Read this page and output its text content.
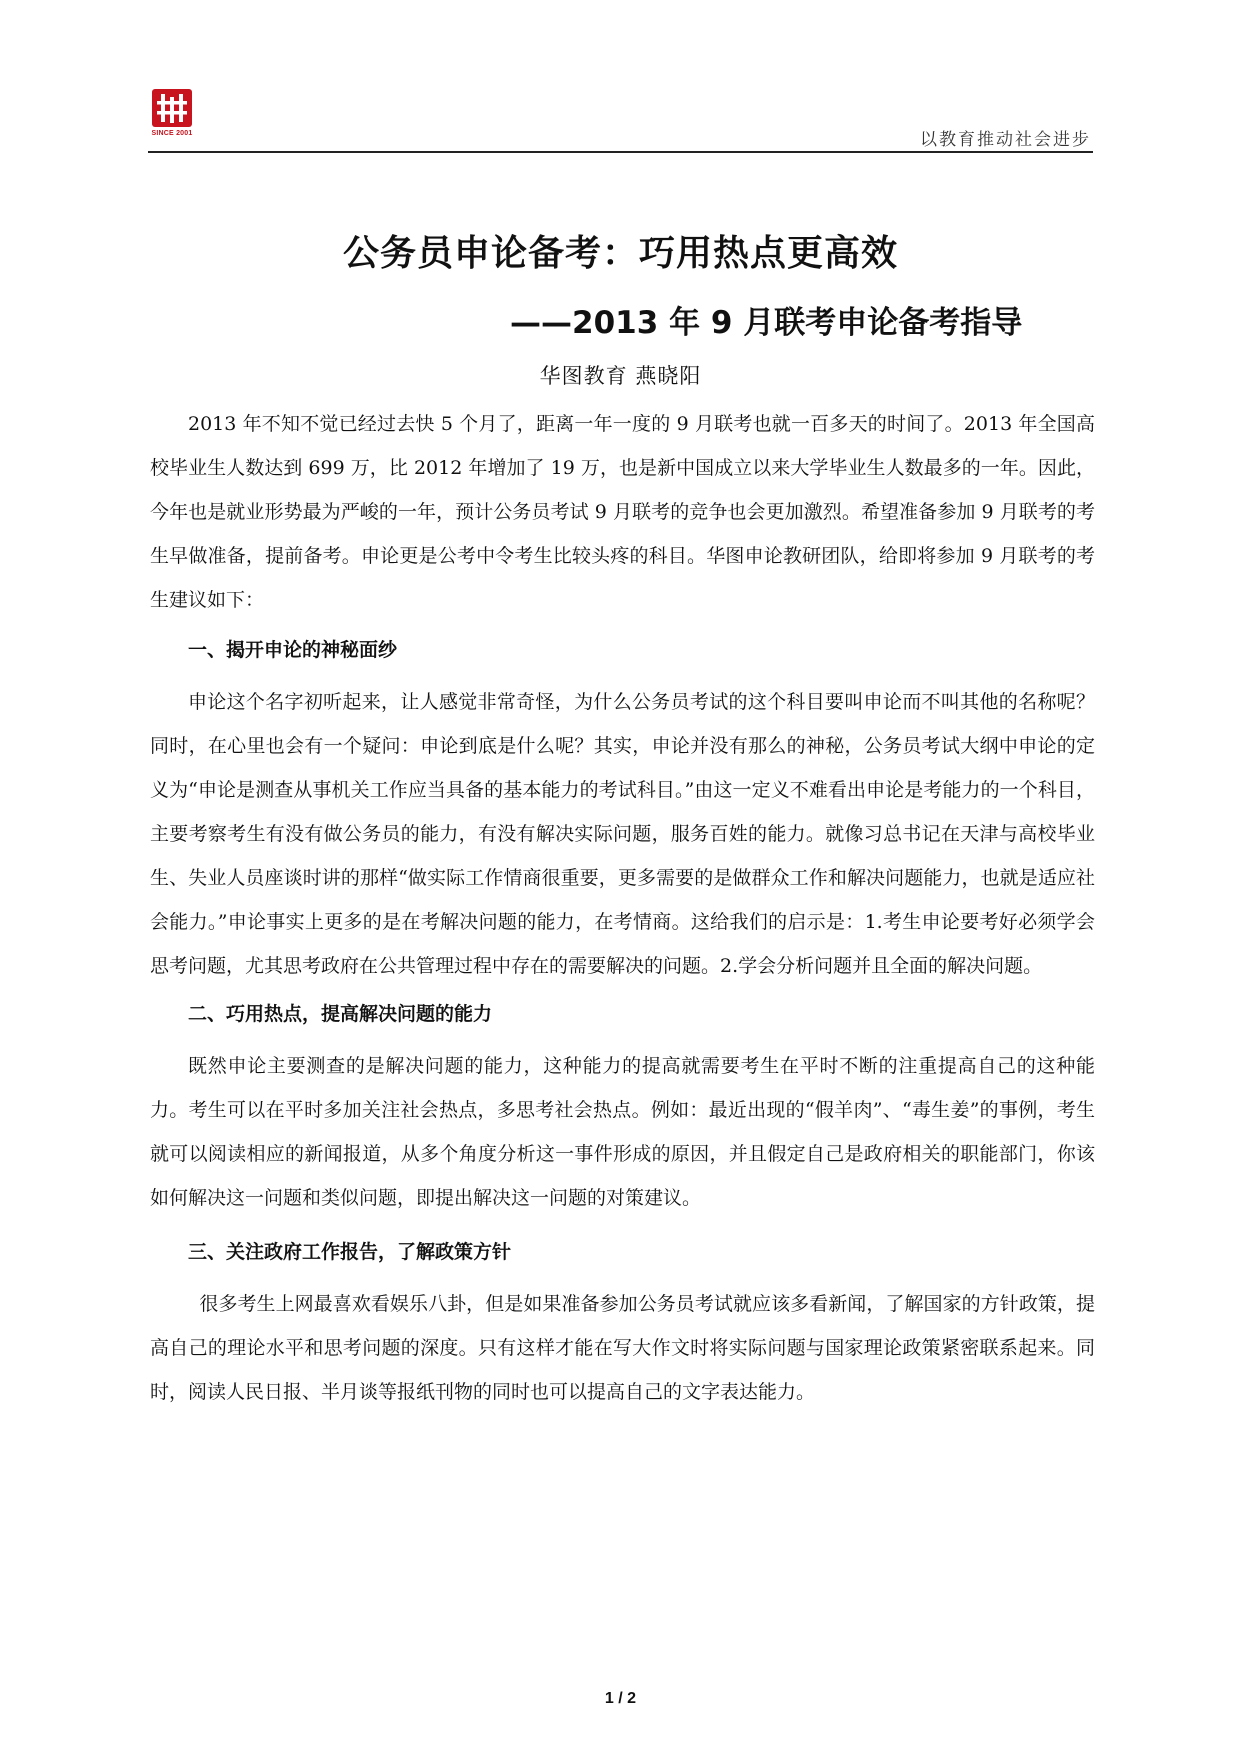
SINCE 2001	以教育推动社会进步
公务员申论备考：巧用热点更高效
——2013 年 9 月联考申论备考指导
华图教育 燕晓阳

2013 年不知不觉已经过去快 5 个月了，距离一年一度的 9 月联考也就一百多天的时间了。2013 年全国高校毕业生人数达到 699 万，比 2012 年增加了 19 万，也是新中国成立以来大学毕业生人数最多的一年。因此，今年也是就业形势最为严峻的一年，预计公务员考试 9 月联考的竞争也会更加激烈。希望准备参加 9 月联考的考生早做准备，提前备考。申论更是公考中令考生比较头疼的科目。华图申论教研团队，给即将参加 9 月联考的考生建议如下：

一、揭开申论的神秘面纱

申论这个名字初听起来，让人感觉非常奇怪，为什么公务员考试的这个科目要叫申论而不叫其他的名称呢？同时，在心里也会有一个疑问：申论到底是什么呢？其实，申论并没有那么的神秘，公务员考试大纲中申论的定义为“申论是测查从事机关工作应当具备的基本能力的考试科目。”由这一定义不难看出申论是考能力的一个科目，主要考察考生有没有做公务员的能力，有没有解决实际问题，服务百姓的能力。就像习总书记在天津与高校毕业生、失业人员座谈时讲的那样“做实际工作情商很重要，更多需要的是做群众工作和解决问题能力，也就是适应社会能力。”申论事实上更多的是在考解决问题的能力，在考情商。这给我们的启示是：1.考生申论要考好必须学会思考问题，尤其思考政府在公共管理过程中存在的需要解决的问题。2.学会分析问题并且全面的解决问题。

二、巧用热点，提高解决问题的能力

既然申论主要测查的是解决问题的能力，这种能力的提高就需要考生在平时不断的注重提高自己的这种能力。考生可以在平时多加关注社会热点，多思考社会热点。例如：最近出现的“假羊肉”、“毒生姜”的事例，考生就可以阅读相应的新闻报道，从多个角度分析这一事件形成的原因，并且假定自己是政府相关的职能部门，你该如何解决这一问题和类似问题，即提出解决这一问题的对策建议。

三、关注政府工作报告，了解政策方针

很多考生上网最喜欢看娱乐八卦，但是如果准备参加公务员考试就应该多看新闻，了解国家的方针政策，提高自己的理论水平和思考问题的深度。只有这样才能在写大作文时将实际问题与国家理论政策紧密联系起来。同时，阅读人民日报、半月谈等报纸刊物的同时也可以提高自己的文字表达能力。

1 / 2
